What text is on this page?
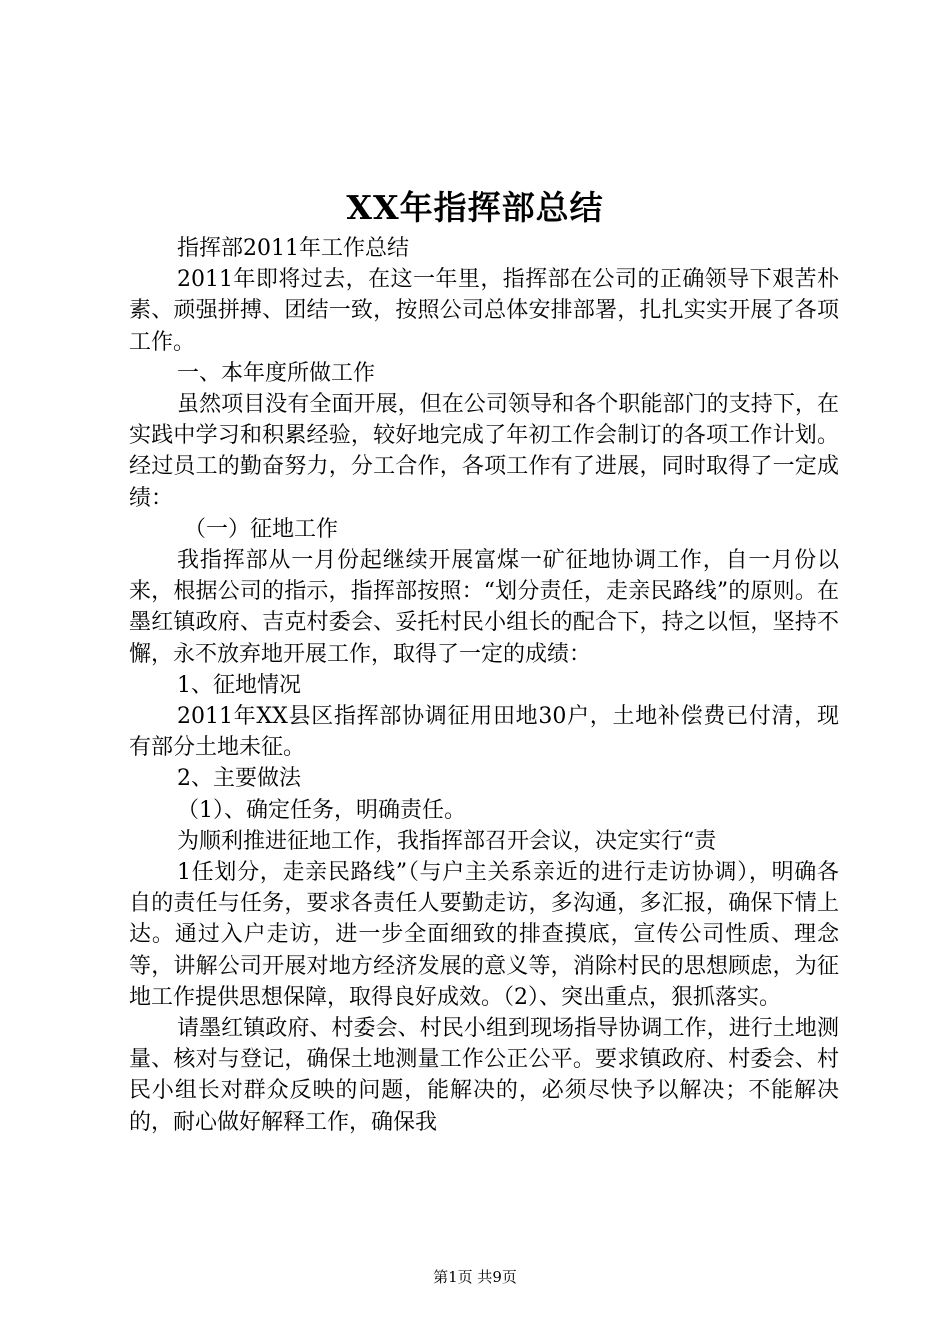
XX年指挥部总结

指挥部2011年工作总结

2011年即将过去，在这一年里，指挥部在公司的正确领导下艰苦朴素、顽强拼搏、团结一致，按照公司总体安排部署，扎扎实实开展了各项工作。

一、本年度所做工作

虽然项目没有全面开展，但在公司领导和各个职能部门的支持下，在实践中学习和积累经验，较好地完成了年初工作会制订的各项工作计划。经过员工的勤奋努力，分工合作，各项工作有了进展，同时取得了一定成绩：

（一）征地工作

我指挥部从一月份起继续开展富煤一矿征地协调工作，自一月份以来，根据公司的指示，指挥部按照：“划分责任，走亲民路线”的原则。在墨红镇政府、吉克村委会、妥托村民小组长的配合下，持之以恒，坚持不懈，永不放弃地开展工作，取得了一定的成绩：

1、征地情况

2011年XX县区指挥部协调征用田地30户，土地补偿费已付清，现有部分土地未征。

2、主要做法

（1）、确定任务，明确责任。

为顺利推进征地工作，我指挥部召开会议，决定实行“责

1任划分，走亲民路线”（与户主关系亲近的进行走访协调），明确各自的责任与任务，要求各责任人要勤走访，多沟通，多汇报，确保下情上达。通过入户走访，进一步全面细致的排查摸底，宣传公司性质、理念等，讲解公司开展对地方经济发展的意义等，消除村民的思想顾虑，为征地工作提供思想保障，取得良好成效。（2）、突出重点，狠抓落实。

请墨红镇政府、村委会、村民小组到现场指导协调工作，进行土地测量、核对与登记，确保土地测量工作公正公平。要求镇政府、村委会、村民小组长对群众反映的问题，能解决的，必须尽快予以解决；不能解决的，耐心做好解释工作，确保我

第1页 共9页
